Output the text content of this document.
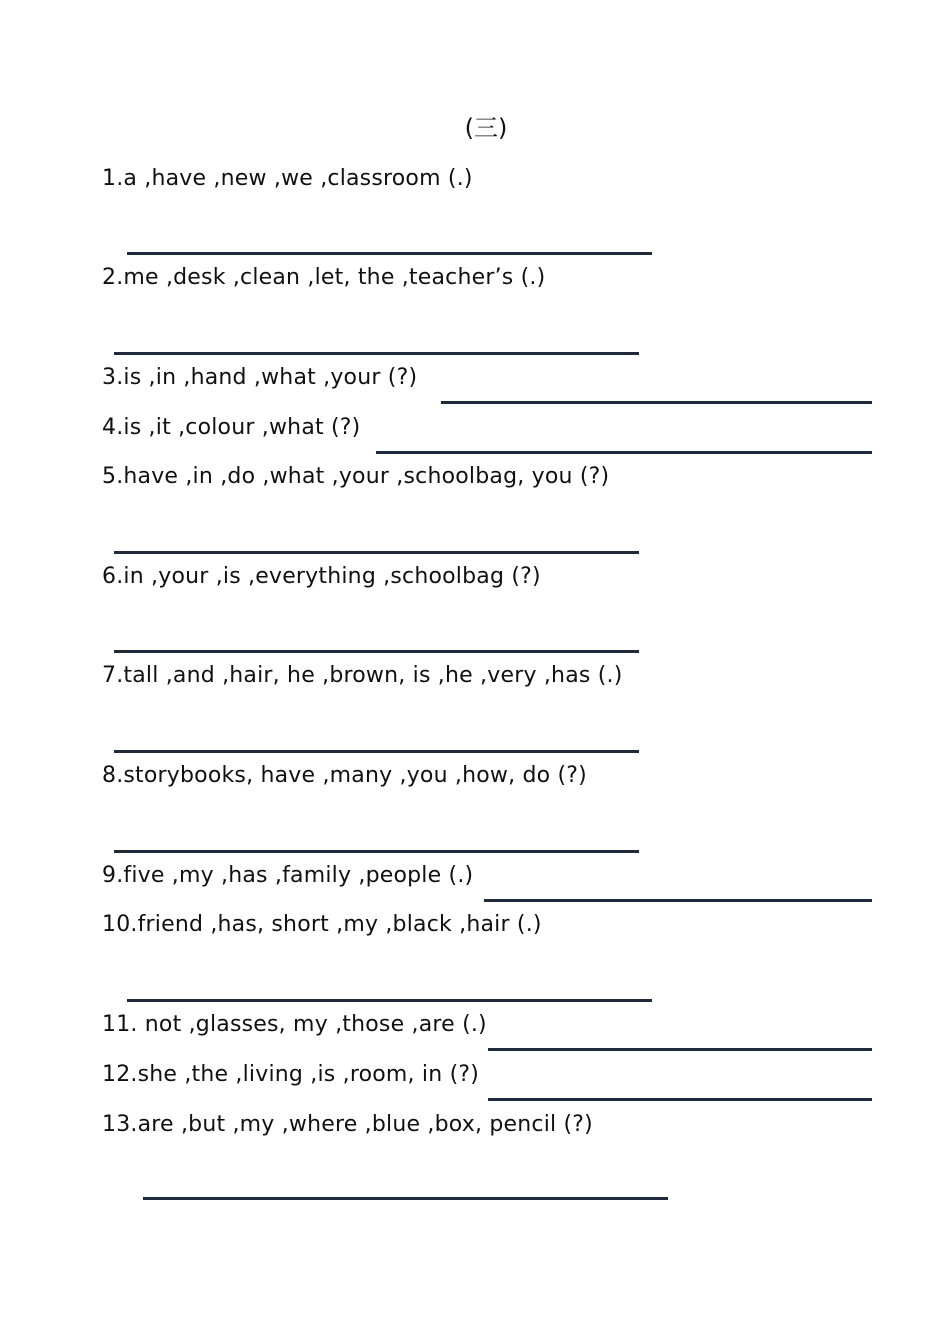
(三)
1.a ,have ,new ,we ,classroom (.)
2.me ,desk ,clean ,let, the ,teacher’s (.)
3.is ,in ,hand ,what ,your (?)
4.is ,it ,colour ,what (?)
5.have ,in ,do ,what ,your ,schoolbag, you (?)
6.in ,your ,is ,everything ,schoolbag (?)
7.tall ,and ,hair, he ,brown, is ,he ,very ,has (.)
8.storybooks, have ,many ,you ,how, do (?)
9.five ,my ,has ,family ,people (.)
10.friend ,has, short ,my ,black ,hair (.)
11. not ,glasses, my ,those ,are (.)
12.she ,the ,living ,is ,room, in (?)
13.are ,but ,my ,where ,blue ,box, pencil (?)
